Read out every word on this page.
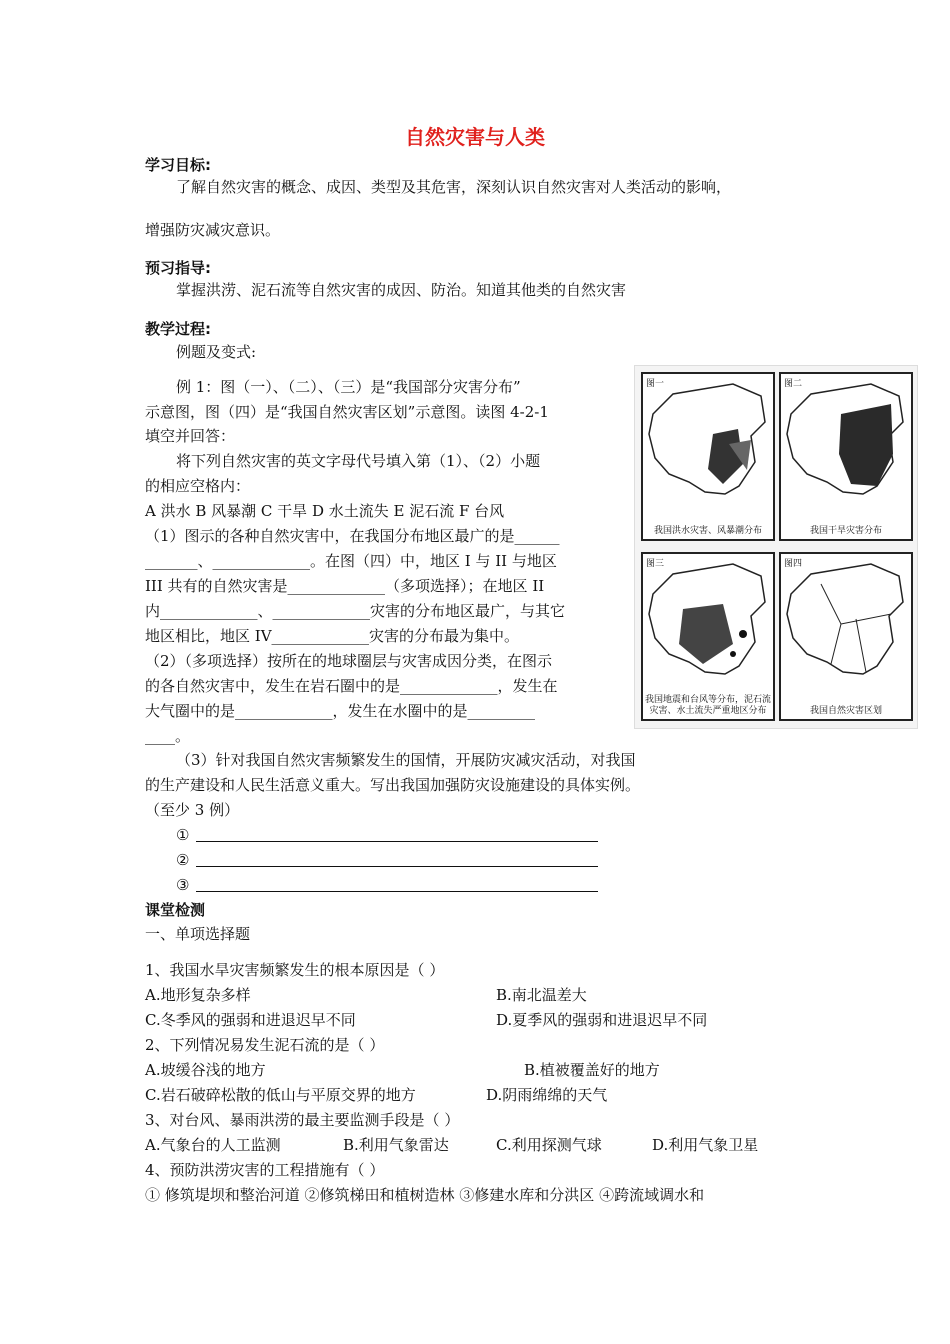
自然灾害与人类
学习目标:
了解自然灾害的概念、成因、类型及其危害，深刻认识自然灾害对人类活动的影响，
增强防灾减灾意识。
预习指导:
掌握洪涝、泥石流等自然灾害的成因、防治。知道其他类的自然灾害
教学过程:
例题及变式:
例 1：图（一）、（二）、（三）是“我国部分灾害分布”
示意图，图（四）是“我国自然灾害区划”示意图。读图 4-2-1
填空并回答：
将下列自然灾害的英文字母代号填入第（1）、（2）小题
的相应空格内：
A 洪水 B 风暴潮 C 干旱 D 水土流失 E 泥石流 F 台风
（1）图示的各种自然灾害中，在我国分布地区最广的是______
_______、_____________。在图（四）中，地区 I 与 II 与地区
III 共有的自然灾害是_____________（多项选择）；在地区 II
内_____________、_____________灾害的分布地区最广，与其它
地区相比，地区 IV_____________灾害的分布最为集中。
（2）（多项选择）按所在的地球圈层与灾害成因分类，在图示
的各自然灾害中，发生在岩石圈中的是_____________，发生在
大气圈中的是_____________，发生在水圈中的是_________
____。
图一
我国洪水灾害、风暴潮分布
图二
我国干旱灾害分布
图三
我国地震和台风等分布，泥石流灾害、水土流失严重地区分布
图四
我国自然灾害区划
（3）针对我国自然灾害频繁发生的国情，开展防灾减灾活动，对我国
的生产建设和人民生活意义重大。写出我国加强防灾设施建设的具体实例。
（至少 3 例）
①
②
③
课堂检测
一、单项选择题
1、我国水旱灾害频繁发生的根本原因是（ ）
A.地形复杂多样	B.南北温差大
C.冬季风的强弱和进退迟早不同	D.夏季风的强弱和进退迟早不同
2、下列情况易发生泥石流的是（ ）
A.坡缓谷浅的地方	B.植被覆盖好的地方
C.岩石破碎松散的低山与平原交界的地方	D.阴雨绵绵的天气
3、对台风、暴雨洪涝的最主要监测手段是（ ）
A.气象台的人工监测	B.利用气象雷达	C.利用探测气球	D.利用气象卫星
4、预防洪涝灾害的工程措施有（ ）
① 修筑堤坝和整治河道 ②修筑梯田和植树造林 ③修建水库和分洪区 ④跨流域调水和
